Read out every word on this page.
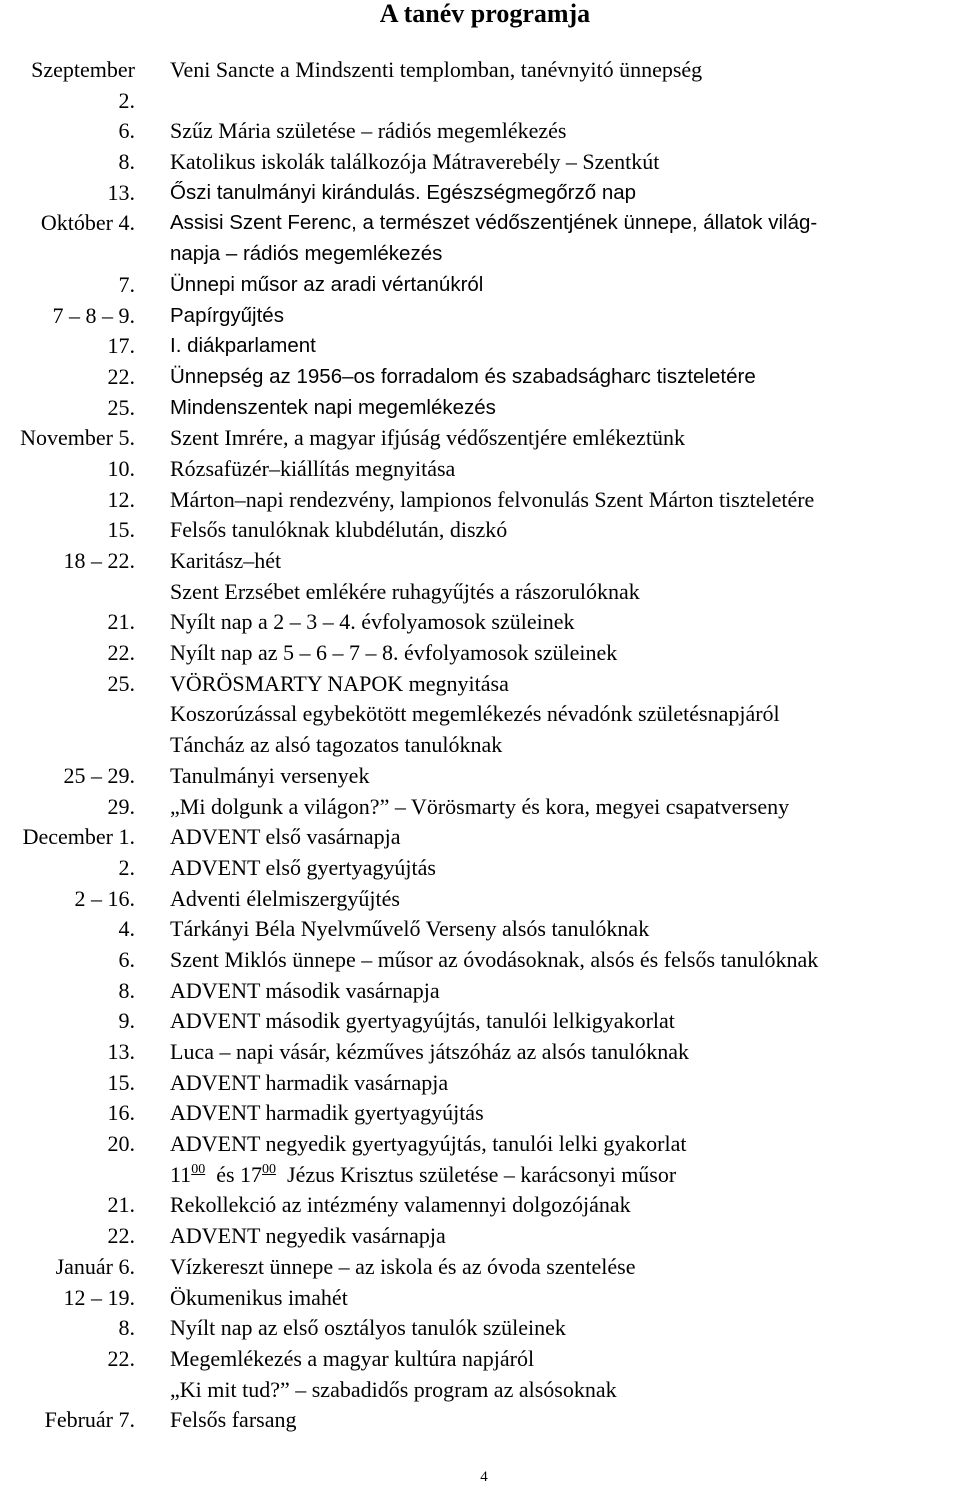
A tanév programja
Szeptember Veni Sancte a Mindszenti templomban, tanévnyitó ünnepség
2.
6. Szűz Mária születése – rádiós megemlékezés
8. Katolikus iskolák találkozója Mátraverebély – Szentkút
13. Őszi tanulmányi kirándulás. Egészségmegőrző nap
Október 4. Assisi Szent Ferenc, a természet védőszentjének ünnepe, állatok világ-
napja – rádiós megemlékezés
7. Ünnepi műsor az aradi vértanúkról
7 – 8 – 9. Papírgyűjtés
17. I. diákparlament
22. Ünnepség az 1956–os forradalom és szabadságharc tiszteletére
25. Mindenszentek napi megemlékezés
November 5. Szent Imrére, a magyar ifjúság védőszentjére emlékeztünk
10. Rózsafüzér–kiállítás megnyitása
12. Márton–napi rendezvény, lampionos felvonulás Szent Márton tiszteletére
15. Felsős tanulóknak klubdélután, diszkó
18 – 22. Karitász–hét
Szent Erzsébet emlékére ruhagyűjtés a rászorulóknak
21. Nyílt nap a 2 – 3 – 4. évfolyamosok szüleinek
22. Nyílt nap az 5 – 6 – 7 – 8. évfolyamosok szüleinek
25. VÖRÖSMARTY NAPOK megnyitása
Koszorúzással egybekötött megemlékezés névadónk születésnapjáról
Táncház az alsó tagozatos tanulóknak
25 – 29. Tanulmányi versenyek
29. „Mi dolgunk a világon?” – Vörösmarty és kora, megyei csapatverseny
December 1. ADVENT első vasárnapja
2. ADVENT első gyertyagyújtás
2 – 16. Adventi élelmiszergyűjtés
4. Tárkányi Béla Nyelvművelő Verseny alsós tanulóknak
6. Szent Miklós ünnepe – műsor az óvodásoknak, alsós és felsős tanulóknak
8. ADVENT második vasárnapja
9. ADVENT második gyertyagyújtás, tanulói lelkigyakorlat
13. Luca – napi vásár, kézműves játszóház az alsós tanulóknak
15. ADVENT harmadik vasárnapja
16. ADVENT harmadik gyertyagyújtás
20. ADVENT negyedik gyertyagyújtás, tanulói lelki gyakorlat
$11^{00}$ és $17^{00}$ Jézus Krisztus születése – karácsonyi műsor
21. Rekollekció az intézmény valamennyi dolgozójának
22. ADVENT negyedik vasárnapja
Január 6. Vízkereszt ünnepe – az iskola és az óvoda szentelése
12 – 19. Ökumenikus imahét
8. Nyílt nap az első osztályos tanulók szüleinek
22. Megemlékezés a magyar kultúra napjáról
„Ki mit tud?” – szabadidős program az alsósoknak
Február 7. Felsős farsang
4
